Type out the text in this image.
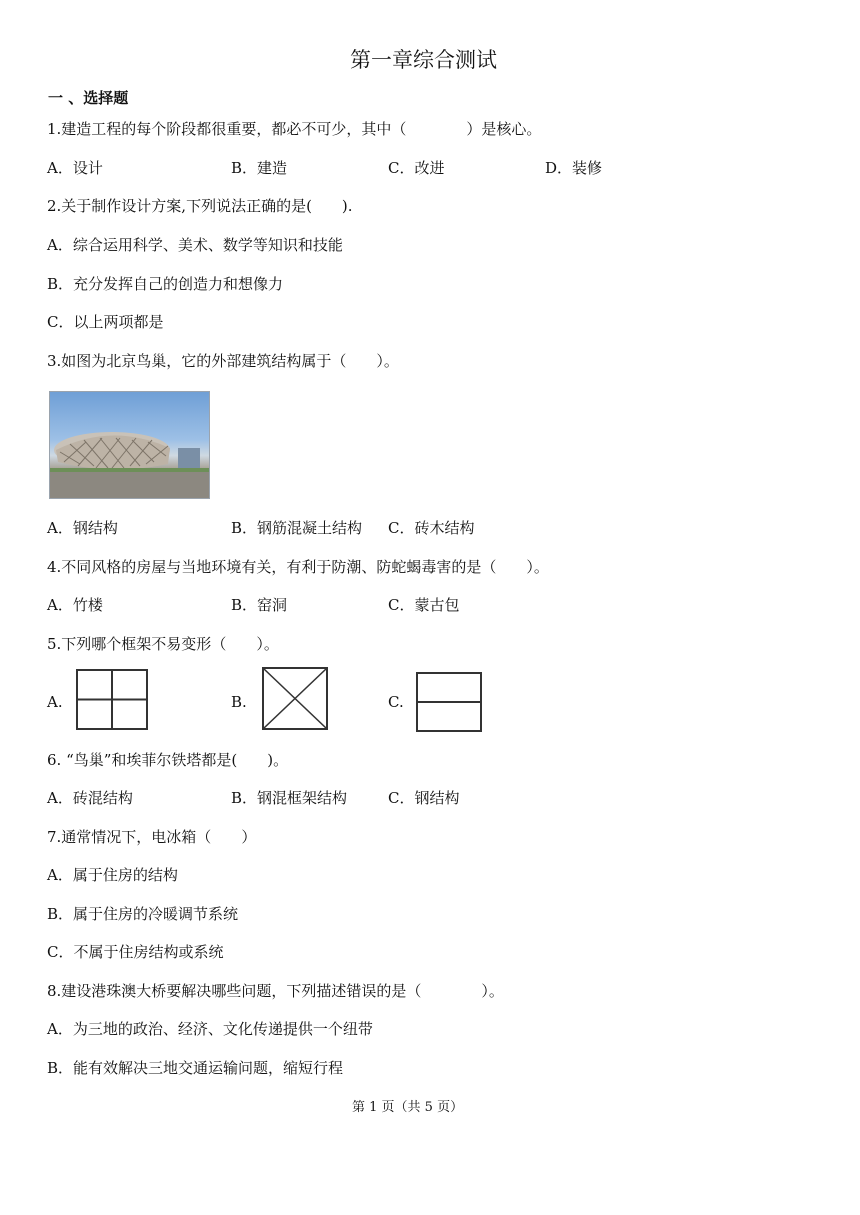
第一章综合测试
一 、选择题
1.建造工程的每个阶段都很重要，都必不可少，其中（　　　　）是核心。
A．设计	B．建造	C．改进	D．装修
2.关于制作设计方案,下列说法正确的是(　　).
A．综合运用科学、美术、数学等知识和技能
B．充分发挥自己的创造力和想像力
C．以上两项都是
3.如图为北京鸟巢，它的外部建筑结构属于（　　）。
A．钢结构	B．钢筋混凝土结构 C．砖木结构
4.不同风格的房屋与当地环境有关，有利于防潮、防蛇蝎毒害的是（　　）。
A．竹楼	B．窑洞	C．蒙古包
5.下列哪个框架不易变形（　　）。
A.	B.	C.
6. “鸟巢”和埃菲尔铁塔都是(　　)。
A．砖混结构	B．钢混框架结构	C．钢结构
7.通常情况下，电冰箱（　　）
A．属于住房的结构
B．属于住房的冷暖调节系统
C．不属于住房结构或系统
8.建设港珠澳大桥要解决哪些问题，下列描述错误的是（　　　　）。
A．为三地的政治、经济、文化传递提供一个纽带
B．能有效解决三地交通运输问题，缩短行程
第 1 页（共 5 页）
